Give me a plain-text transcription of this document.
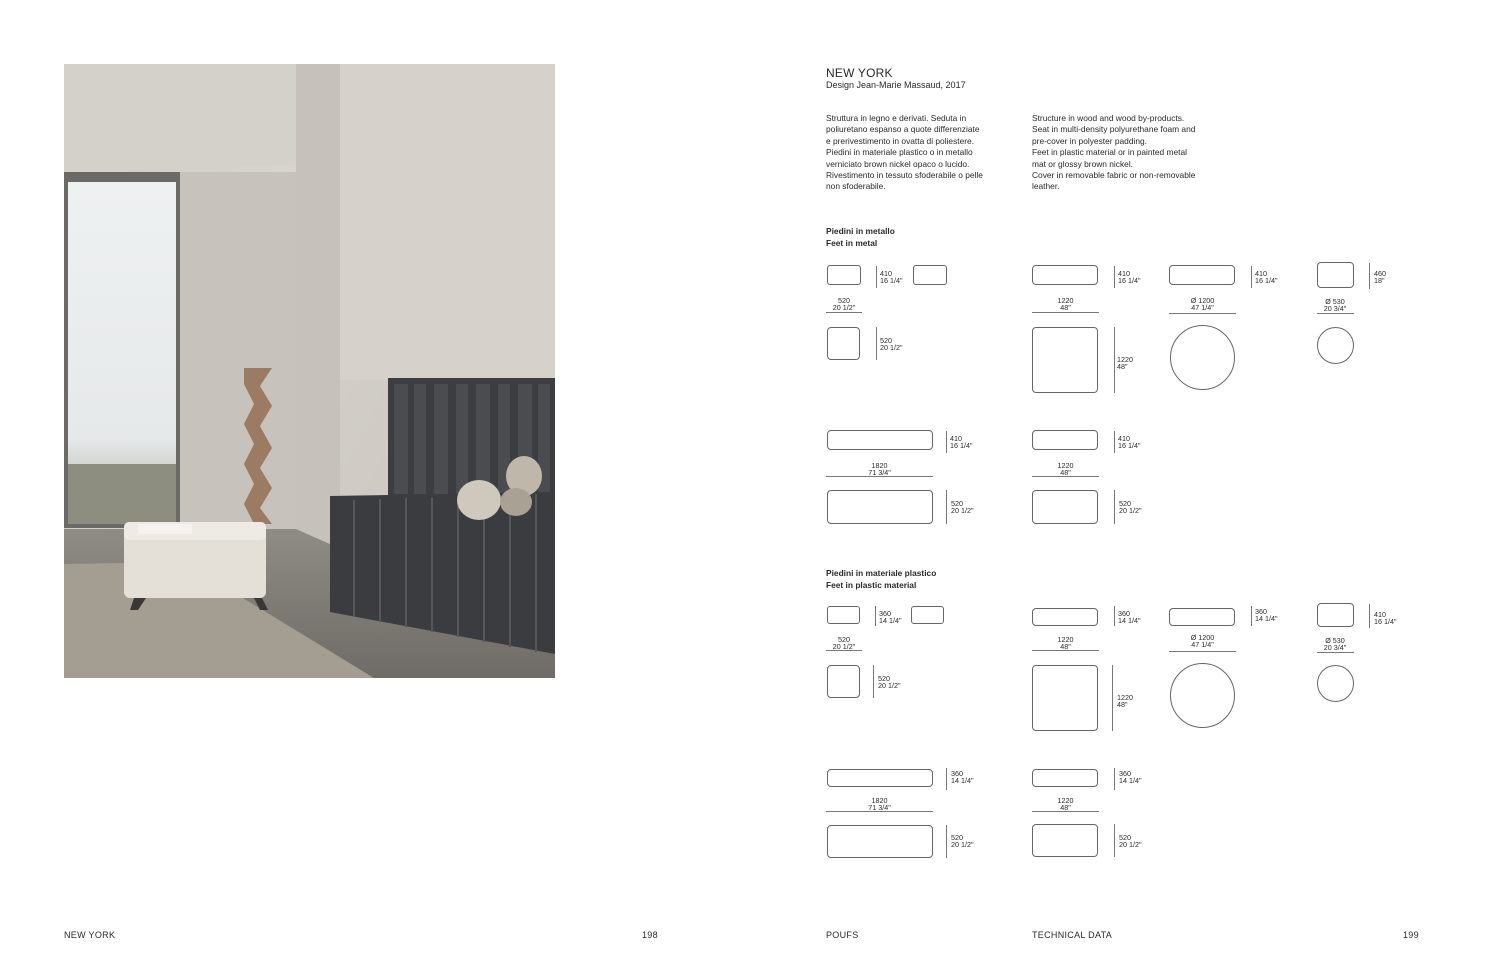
NEW YORK
Design Jean-Marie Massaud, 2017
Struttura in legno e derivati. Seduta in
poliuretano espanso a quote differenziate
e prerivestimento in ovatta di poliestere.
Piedini in materiale plastico o in metallo
verniciato brown nickel opaco o lucido.
Rivestimento in tessuto sfoderabile o pelle
non sfoderabile.
Structure in wood and wood by-products.
Seat in multi-density polyurethane foam and
pre-cover in polyester padding.
Feet in plastic material or in painted metal
mat or glossy brown nickel.
Cover in removable fabric or non-removable
leather.
Piedini in metallo
Feet in metal
410
16 1/4"
520
20 1/2"
520
20 1/2"
410
16 1/4"
1220
48"
1220
48"
410
16 1/4"
Ø 1200
47 1/4"
460
18"
Ø 530
20 3/4"
410
16 1/4"
1820
71 3/4"
520
20 1/2"
410
16 1/4"
1220
48"
520
20 1/2"
Piedini in materiale plastico
Feet in plastic material
360
14 1/4"
520
20 1/2"
520
20 1/2"
360
14 1/4"
1220
48"
1220
48"
360
14 1/4"
Ø 1200
47 1/4"
410
16 1/4"
Ø 530
20 3/4"
360
14 1/4"
1820
71 3/4"
520
20 1/2"
360
14 1/4"
1220
48"
520
20 1/2"
NEW YORK	198	POUFS	TECHNICAL DATA	199
